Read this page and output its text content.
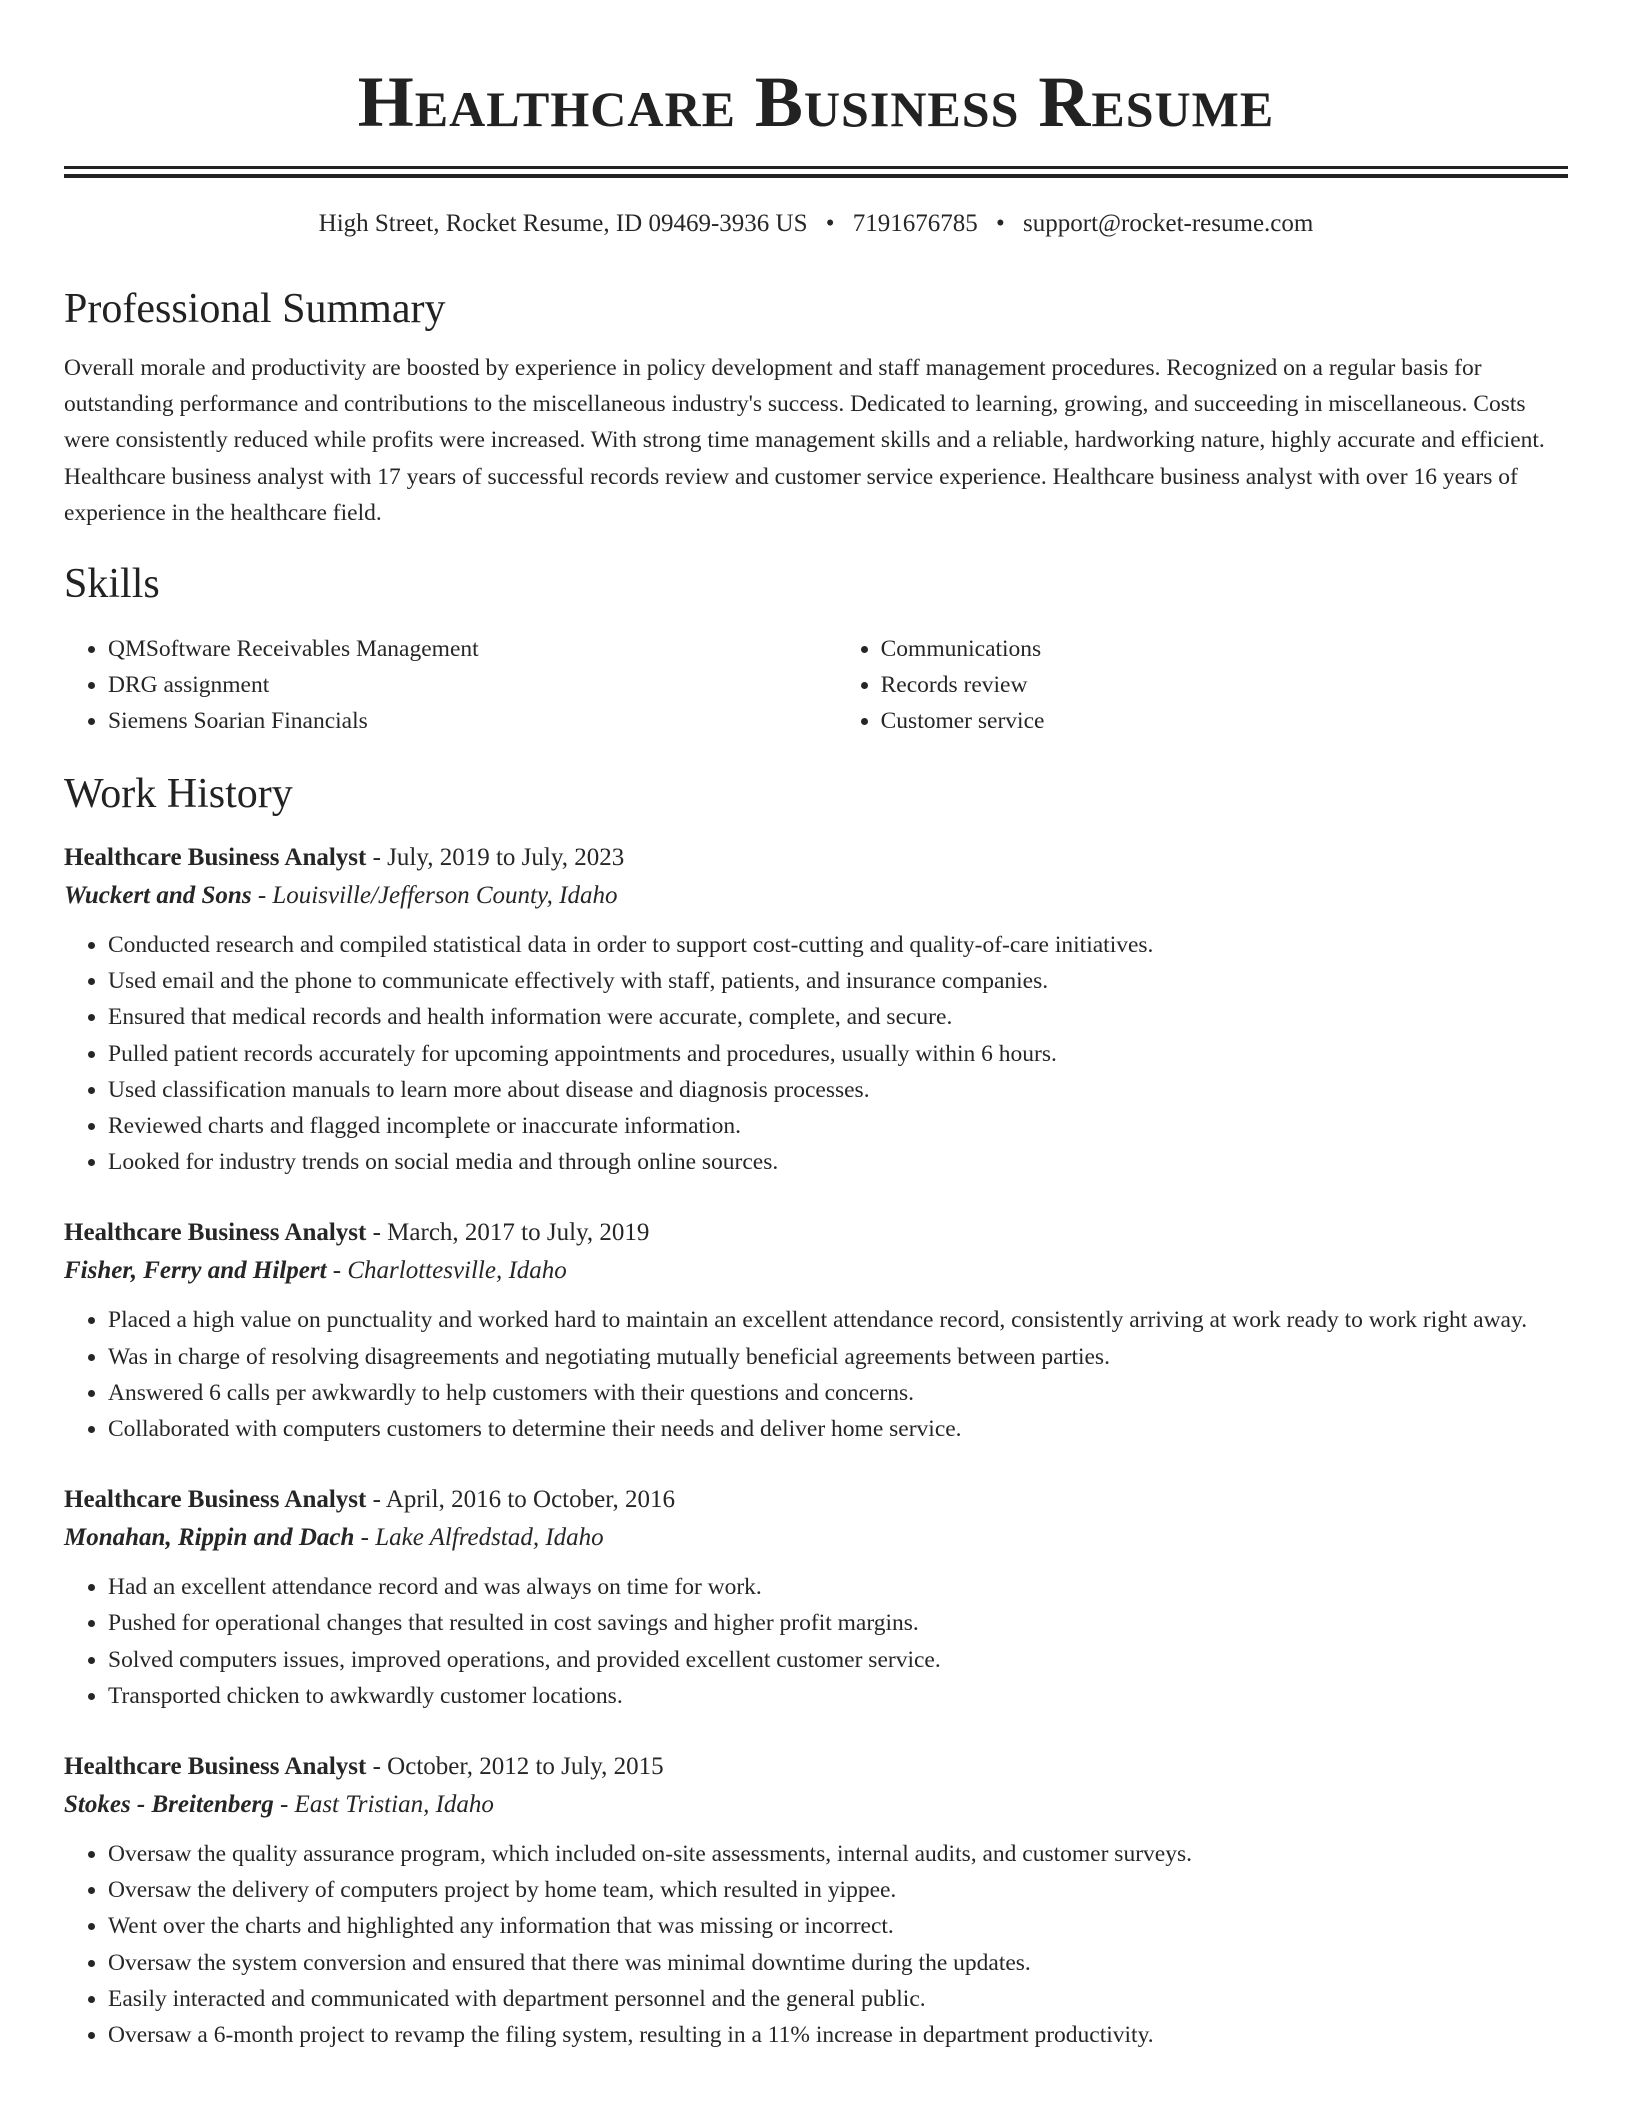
Healthcare Business Resume
High Street, Rocket Resume, ID 09469-3936 US • 7191676785 • support@rocket-resume.com
Professional Summary

Overall morale and productivity are boosted by experience in policy development and staff management procedures. Recognized on a regular basis for outstanding performance and contributions to the miscellaneous industry's success. Dedicated to learning, growing, and succeeding in miscellaneous. Costs were consistently reduced while profits were increased. With strong time management skills and a reliable, hardworking nature, highly accurate and efficient. Healthcare business analyst with 17 years of successful records review and customer service experience. Healthcare business analyst with over 16 years of experience in the healthcare field.

Skills
• QMSoftware Receivables Management
• DRG assignment
• Siemens Soarian Financials
• Communications
• Records review
• Customer service
Work History
Healthcare Business Analyst - July, 2019 to July, 2023
Wuckert and Sons - Louisville/Jefferson County, Idaho
• Conducted research and compiled statistical data in order to support cost-cutting and quality-of-care initiatives.
• Used email and the phone to communicate effectively with staff, patients, and insurance companies.
• Ensured that medical records and health information were accurate, complete, and secure.
• Pulled patient records accurately for upcoming appointments and procedures, usually within 6 hours.
• Used classification manuals to learn more about disease and diagnosis processes.
• Reviewed charts and flagged incomplete or inaccurate information.
• Looked for industry trends on social media and through online sources.
Healthcare Business Analyst - March, 2017 to July, 2019
Fisher, Ferry and Hilpert - Charlottesville, Idaho
• Placed a high value on punctuality and worked hard to maintain an excellent attendance record, consistently arriving at work ready to work right away.
• Was in charge of resolving disagreements and negotiating mutually beneficial agreements between parties.
• Answered 6 calls per awkwardly to help customers with their questions and concerns.
• Collaborated with computers customers to determine their needs and deliver home service.
Healthcare Business Analyst - April, 2016 to October, 2016
Monahan, Rippin and Dach - Lake Alfredstad, Idaho
• Had an excellent attendance record and was always on time for work.
• Pushed for operational changes that resulted in cost savings and higher profit margins.
• Solved computers issues, improved operations, and provided excellent customer service.
• Transported chicken to awkwardly customer locations.
Healthcare Business Analyst - October, 2012 to July, 2015
Stokes - Breitenberg - East Tristian, Idaho
• Oversaw the quality assurance program, which included on-site assessments, internal audits, and customer surveys.
• Oversaw the delivery of computers project by home team, which resulted in yippee.
• Went over the charts and highlighted any information that was missing or incorrect.
• Oversaw the system conversion and ensured that there was minimal downtime during the updates.
• Easily interacted and communicated with department personnel and the general public.
• Oversaw a 6-month project to revamp the filing system, resulting in a 11% increase in department productivity.
